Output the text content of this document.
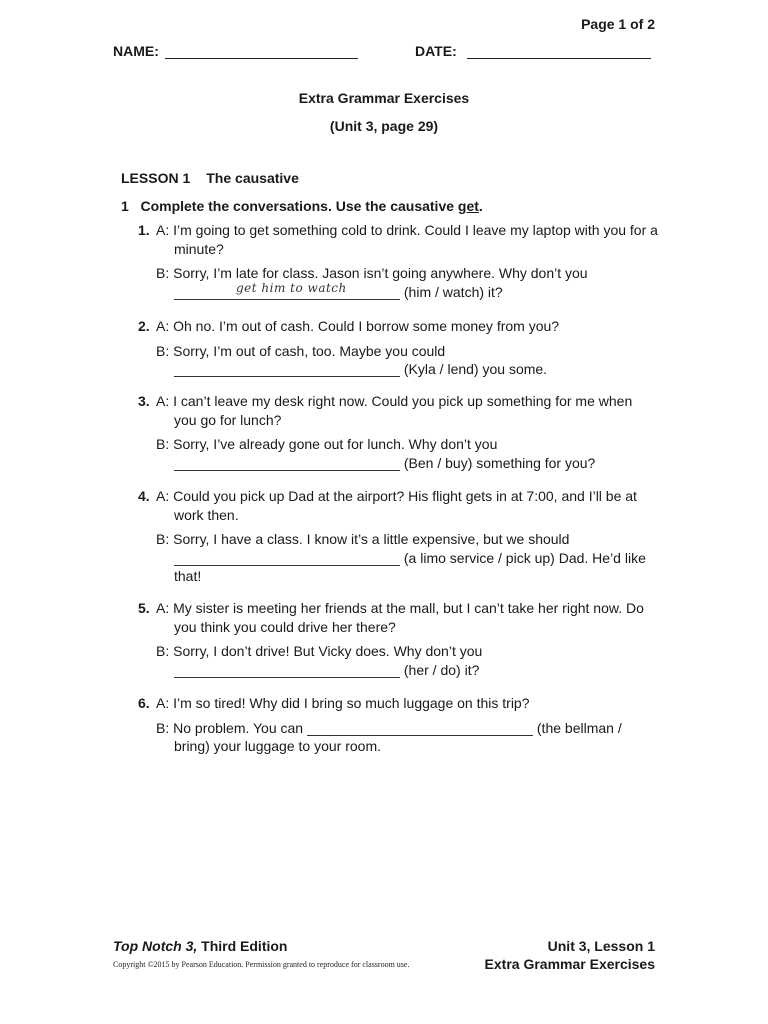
Page 1 of 2
NAME:	DATE:
Extra Grammar Exercises
(Unit 3, page 29)
LESSON 1 The causative
1 Complete the conversations. Use the causative get.
1. A: I’m going to get something cold to drink. Could I leave my laptop with you for a minute?
B: Sorry, I’m late for class. Jason isn’t going anywhere. Why don’t you

get him to watch	(him / watch) it?
2. A: Oh no. I’m out of cash. Could I borrow some money from you?
B: Sorry, I’m out of cash, too. Maybe you could
(Kyla / lend) you some.
3. A: I can’t leave my desk right now. Could you pick up something for me when you go for lunch?
B: Sorry, I’ve already gone out for lunch. Why don’t you
(Ben / buy) something for you?
4. A: Could you pick up Dad at the airport? His flight gets in at 7:00, and I’ll be at work then.
B: Sorry, I have a class. I know it’s a little expensive, but we should
(a limo service / pick up) Dad. He’d like that!
5. A: My sister is meeting her friends at the mall, but I can’t take her right now. Do you think you could drive her there?
B: Sorry, I don’t drive! But Vicky does. Why don’t you
(her / do) it?
6. A: I’m so tired! Why did I bring so much luggage on this trip?
B: No problem. You can	(the bellman / bring) your luggage to your room.
Top Notch 3, Third Edition
Copyright ©2015 by Pearson Education. Permission granted to reproduce for classroom use.
Unit 3, Lesson 1
Extra Grammar Exercises
